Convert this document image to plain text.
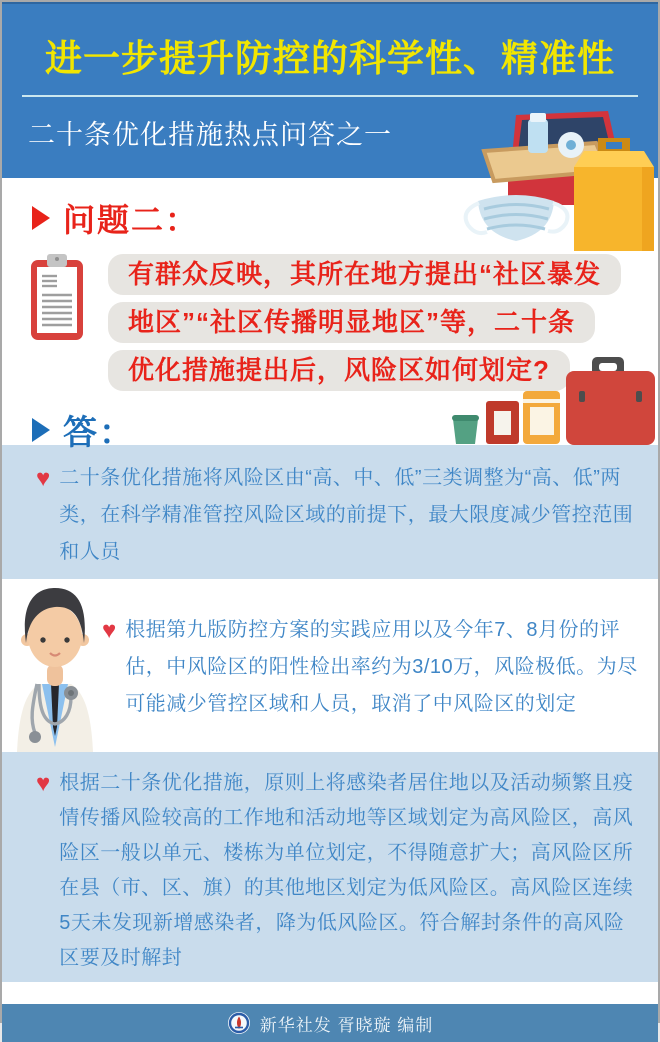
进一步提升防控的科学性、精准性
二十条优化措施热点问答之一
问题二：
有群众反映，其所在地方提出“社区暴发
地区”“社区传播明显地区”等，二十条
优化措施提出后，风险区如何划定?
答：
♥ 二十条优化措施将风险区由“高、中、低”三类调整为“高、低”两类，在科学精准管控风险区域的前提下，最大限度减少管控范围和人员

♥ 根据第九版防控方案的实践应用以及今年7、8月份的评估，中风险区的阳性检出率约为3/10万，风险极低。为尽可能减少管控区域和人员，取消了中风险区的划定

♥ 根据二十条优化措施，原则上将感染者居住地以及活动频繁且疫情传播风险较高的工作地和活动地等区域划定为高风险区，高风险区一般以单元、楼栋为单位划定，不得随意扩大；高风险区所在县（市、区、旗）的其他地区划定为低风险区。高风险区连续5天未发现新增感染者，降为低风险区。符合解封条件的高风险区要及时解封

新华社发 胥晓璇 编制
